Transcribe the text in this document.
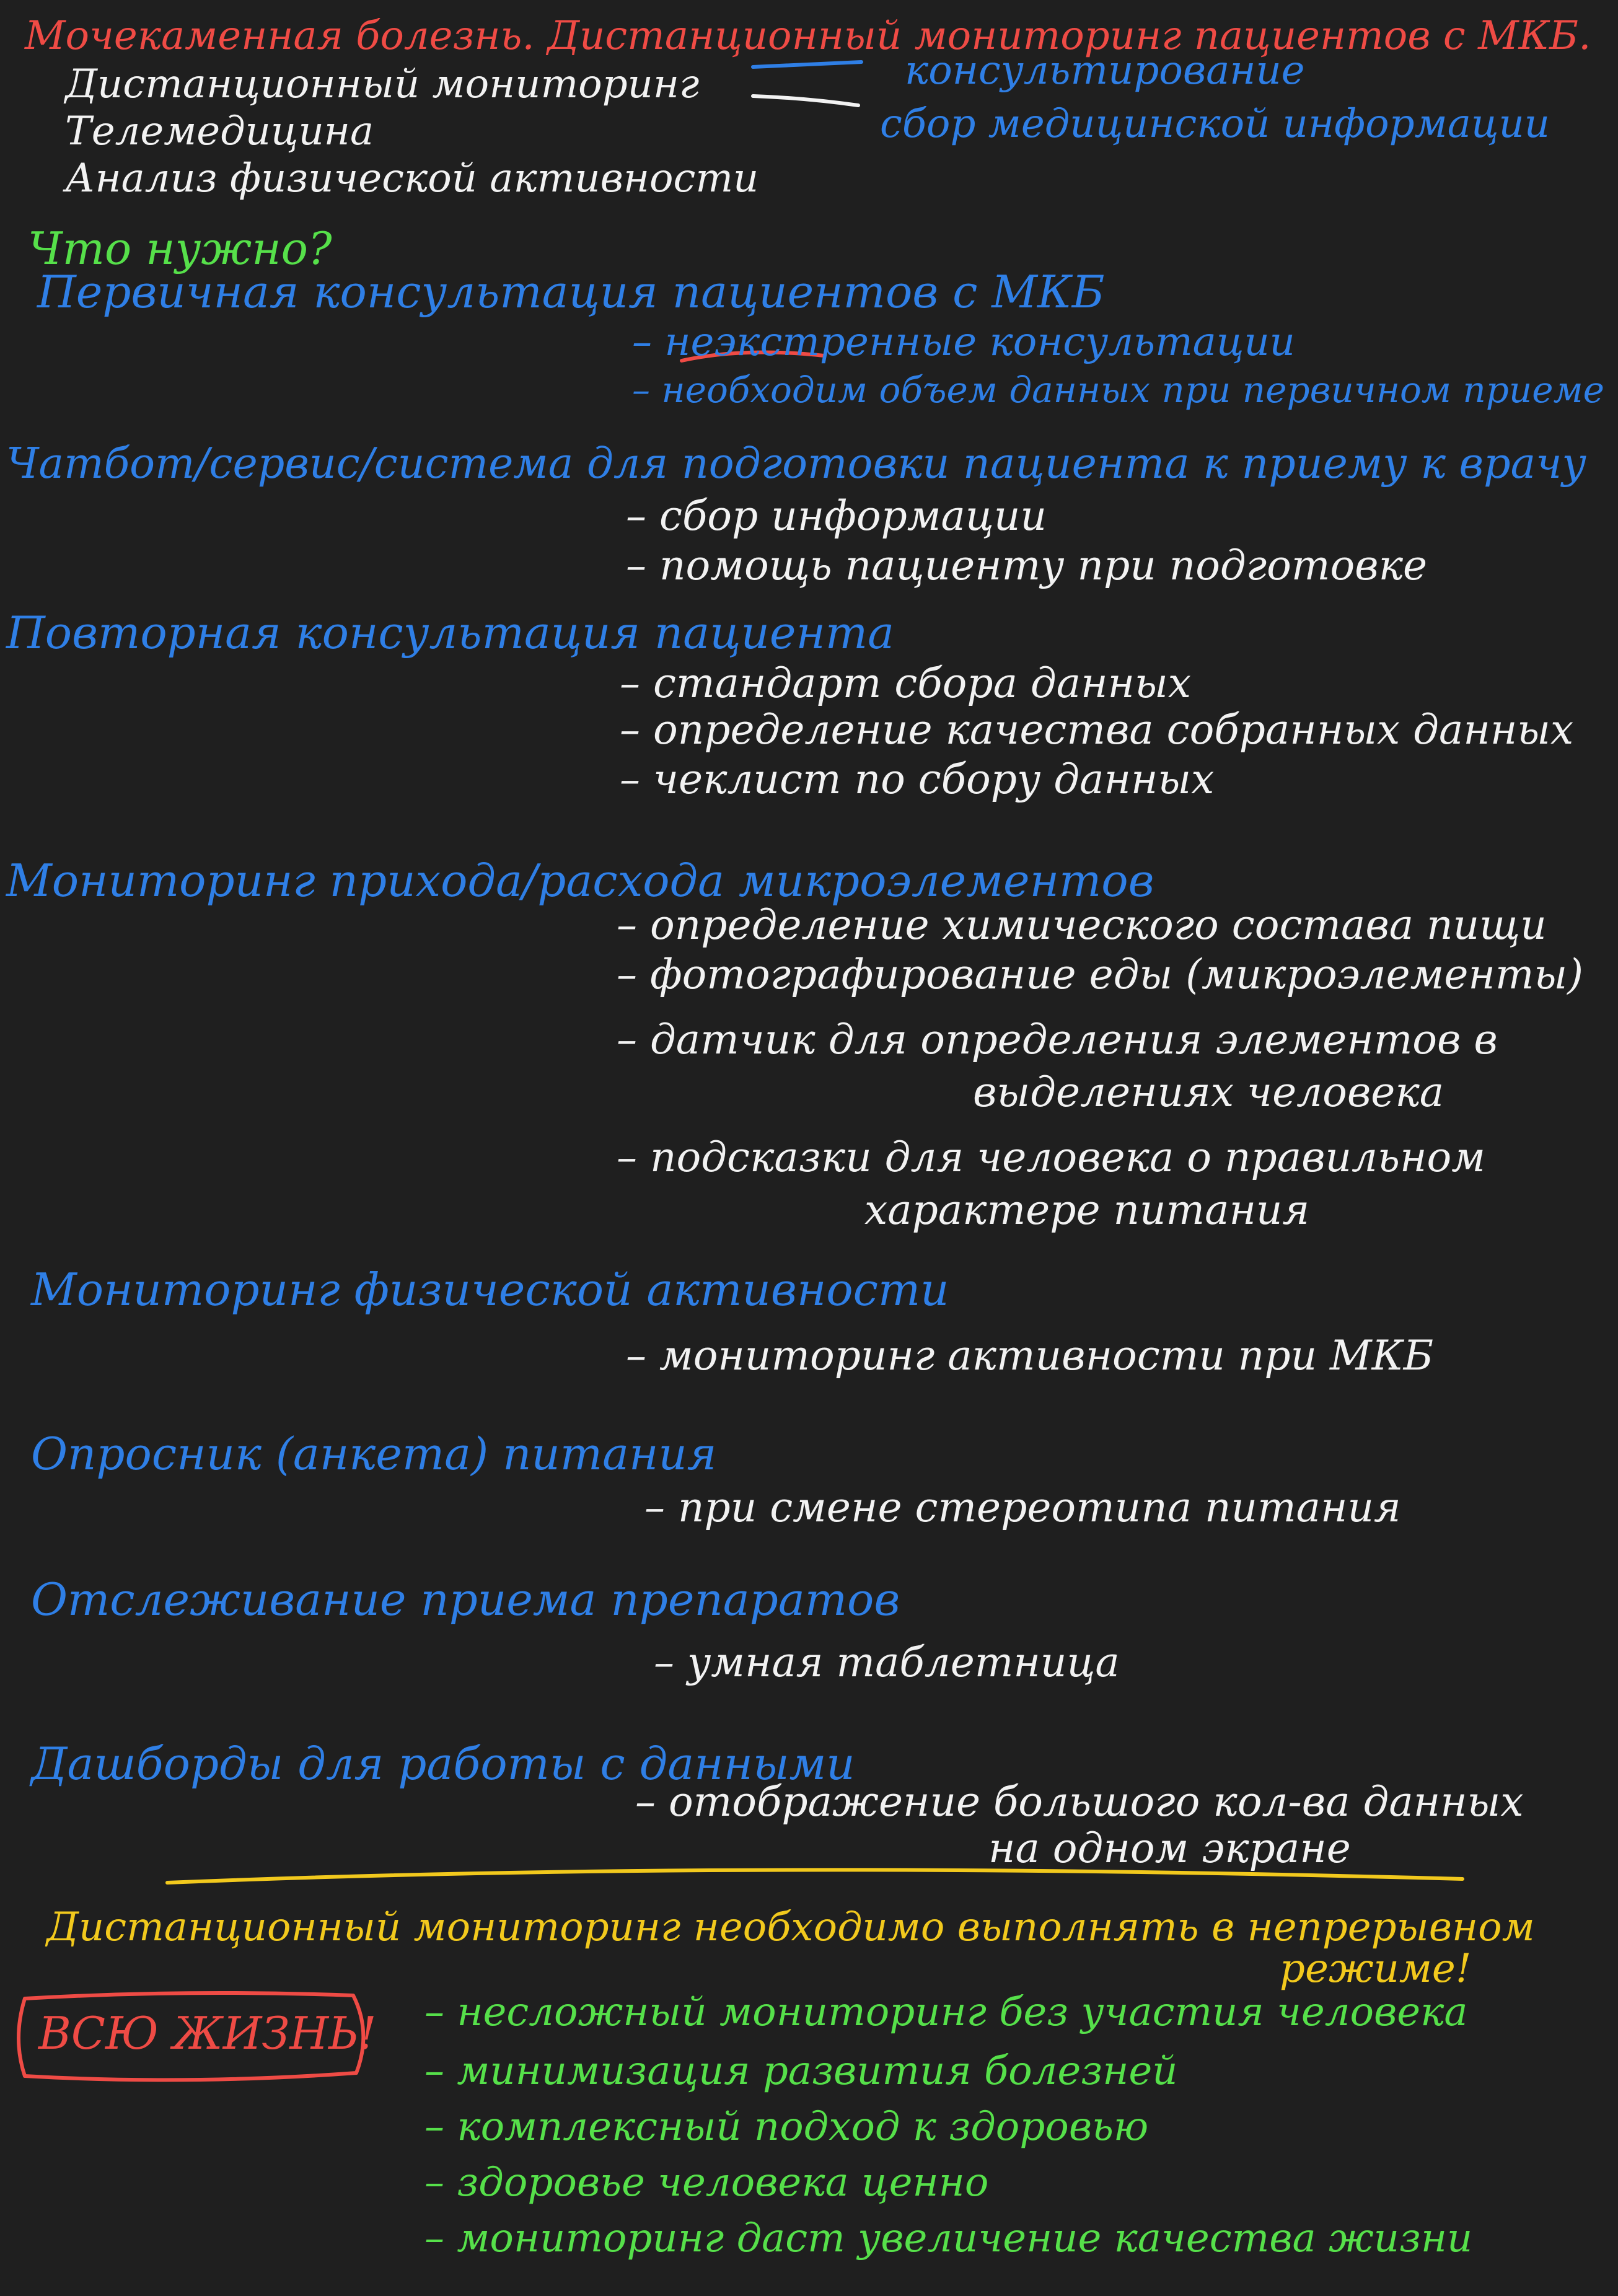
Мочекаменная болезнь. Дистанционный мониторинг пациентов с МКБ.
Дистанционный мониторинг
Телемедицина
Анализ физической активности
консультирование
сбор медицинской информации
Что нужно?
Первичная консультация пациентов с МКБ
– неэкстренные консультации
– необходим объем данных при первичном приеме
Чатбот/сервис/система для подготовки пациента к приему к врачу
– сбор информации
– помощь пациенту при подготовке
Повторная консультация пациента
– стандарт сбора данных
– определение качества собранных данных
– чеклист по сбору данных
Мониторинг прихода/расхода микроэлементов
– определение химического состава пищи
– фотографирование еды (микроэлементы)
– датчик для определения элементов в
выделениях человека
– подсказки для человека о правильном
характере питания
Мониторинг физической активности
– мониторинг активности при МКБ
Опросник (анкета) питания
– при смене стереотипа питания
Отслеживание приема препаратов
– умная таблетница
Дашборды для работы с данными
– отображение большого кол-ва данных
на одном экране
Дистанционный мониторинг необходимо выполнять в непрерывном
режиме!
ВСЮ ЖИЗНЬ! – несложный мониторинг без участия человека
– минимизация развития болезней
– комплексный подход к здоровью
– здоровье человека ценно
– мониторинг даст увеличение качества жизни
